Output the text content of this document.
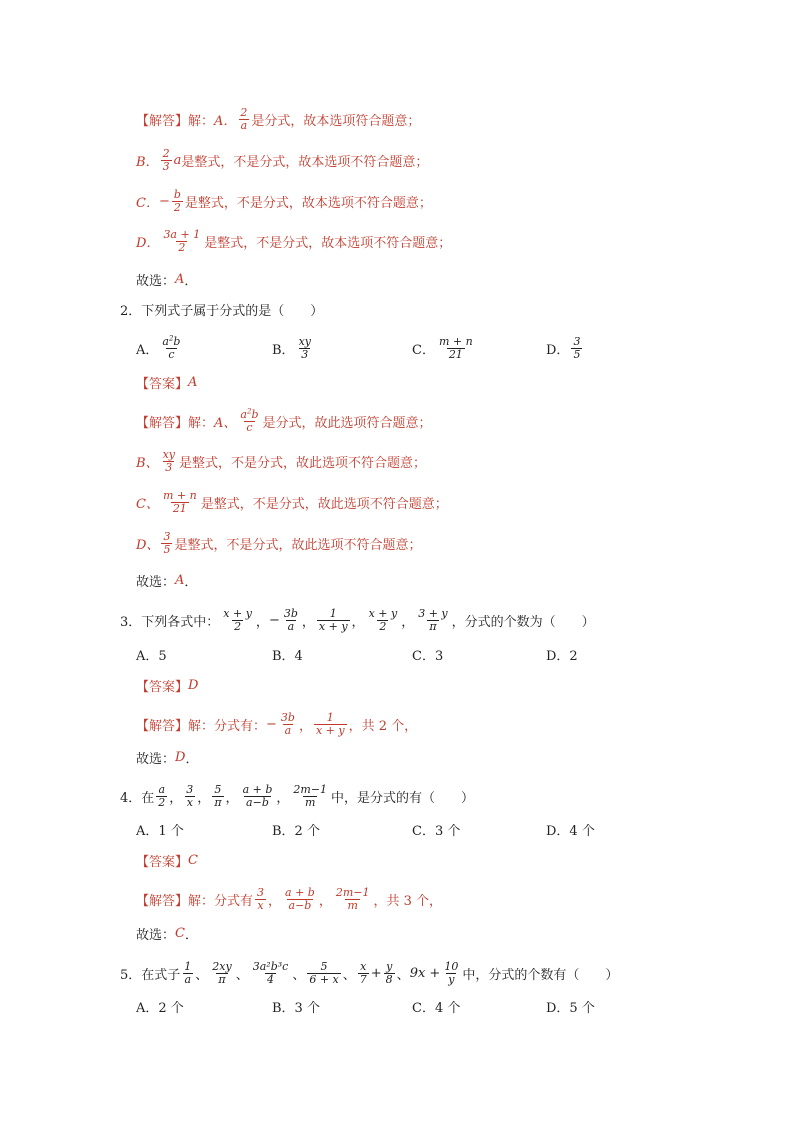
【解答】解： A． $\frac{2}{a}$ 是分式，故本选项符合题意；
B． $\frac{2}{3}$ a 是整式，不是分式，故本选项不符合题意；
C． − $\frac{b}{2}$ 是整式，不是分式，故本选项不符合题意；
D． $\frac{3a + 1}{2}$ 是整式，不是分式，故本选项不符合题意；
故选： A ．
2．下列式子属于分式的是（　　）
A． $\frac{a^2b}{c}$	B． $\frac{xy}{3}$	C． $\frac{m + n}{21}$	D． $\frac{3}{5}$
【答案】 A
【解答】解： A、 $\frac{a^2b}{c}$ 是分式，故此选项符合题意；
B、 $\frac{xy}{3}$ 是整式，不是分式，故此选项不符合题意；
C、 $\frac{m + n}{21}$ 是整式，不是分式，故此选项不符合题意；
D、 $\frac{3}{5}$ 是整式，不是分式，故此选项不符合题意；
故选： A ．
3．下列各式中： $\frac{x + y}{2}$ ， − $\frac{3b}{a}$ ， $\frac{1}{x + y}$ ， $\frac{x + y}{2}$ ， $\frac{3 + y}{\pi}$ ，分式的个数为（　　）
A．5	B．4	C．3	D．2
【答案】 D
【解答】解：分式有： − $\frac{3b}{a}$ ， $\frac{1}{x + y}$ ，共 2 个，
故选： D ．
4．在 $\frac{a}{2}$ ， $\frac{3}{x}$ ， $\frac{5}{\pi}$ ， $\frac{a + b}{a-b}$ ， $\frac{2m-1}{m}$ 中，是分式的有（　　）
A．1 个	B．2 个	C．3 个	D．4 个
【答案】 C
【解答】解：分式有 $\frac{3}{x}$ ， $\frac{a + b}{a-b}$ ， $\frac{2m-1}{m}$ ，共 3 个，
故选： C ．
5．在式子 $\frac{1}{a}$ 、 $\frac{2xy}{\pi}$ 、 $\frac{\text{3a²b³c}}{4}$ 、 $\frac{5}{6 + x}$ 、 $\frac{x}{7} + \frac{y}{8}$ 、 $9x + \frac{10}{y}$ 中，分式的个数有（　　）
A．2 个	B．3 个	C．4 个	D．5 个
